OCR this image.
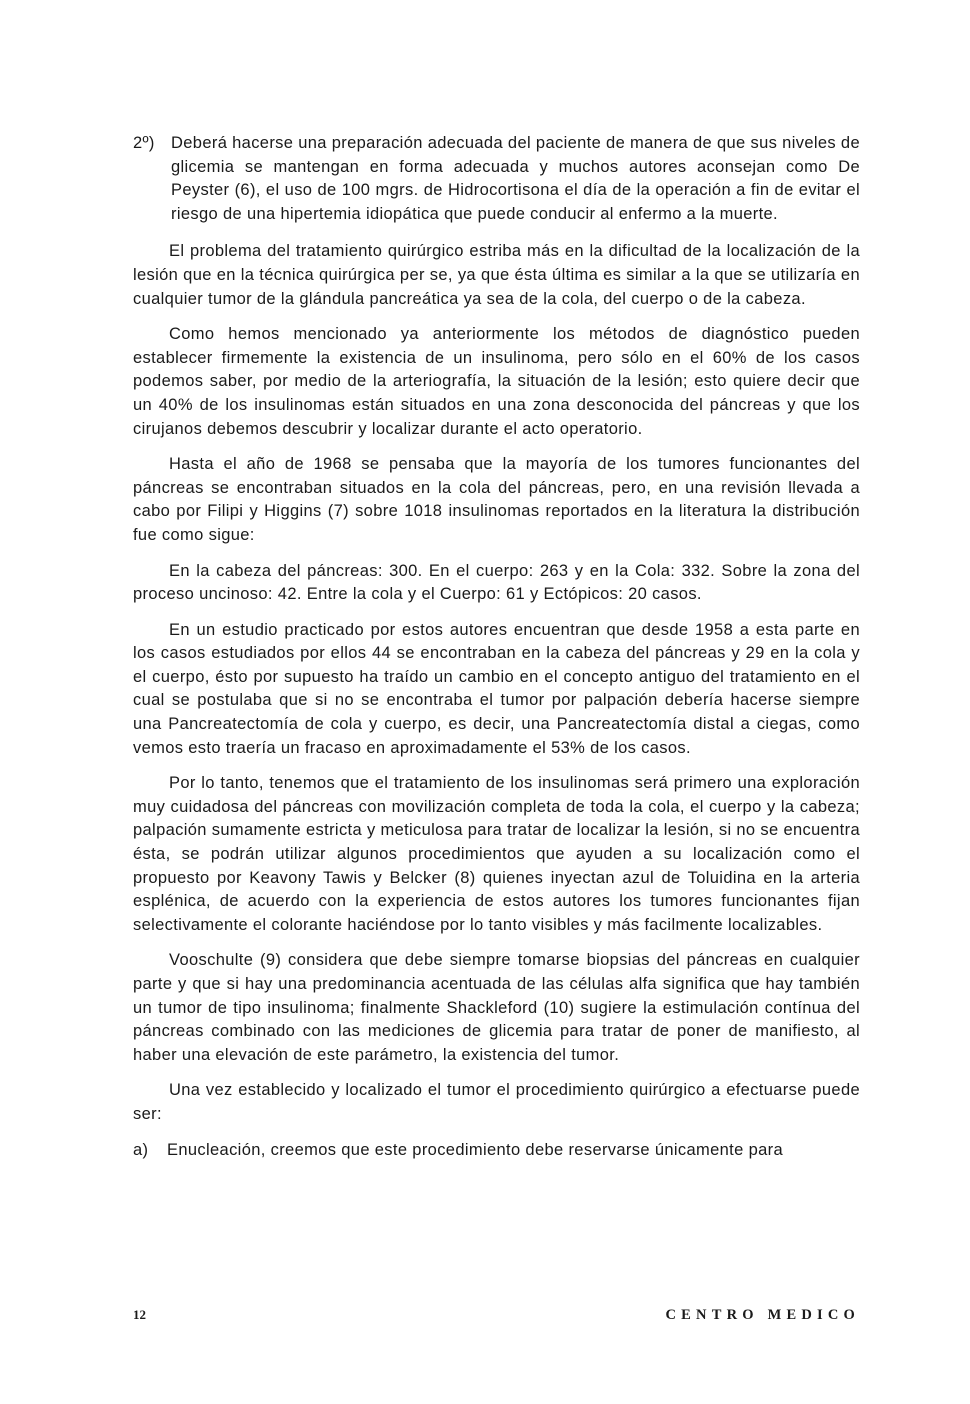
2º) Deberá hacerse una preparación adecuada del paciente de manera de que sus niveles de glicemia se mantengan en forma adecuada y muchos autores aconsejan como De Peyster (6), el uso de 100 mgrs. de Hidrocortisona el día de la operación a fin de evitar el riesgo de una hipertemia idiopática que puede conducir al enfermo a la muerte.

El problema del tratamiento quirúrgico estriba más en la dificultad de la localización de la lesión que en la técnica quirúrgica per se, ya que ésta última es similar a la que se utilizaría en cualquier tumor de la glándula pancreática ya sea de la cola, del cuerpo o de la cabeza.

Como hemos mencionado ya anteriormente los métodos de diagnóstico pueden establecer firmemente la existencia de un insulinoma, pero sólo en el 60% de los casos podemos saber, por medio de la arteriografía, la situación de la lesión; esto quiere decir que un 40% de los insulinomas están situados en una zona desconocida del páncreas y que los cirujanos debemos descubrir y localizar durante el acto operatorio.

Hasta el año de 1968 se pensaba que la mayoría de los tumores funcionantes del páncreas se encontraban situados en la cola del páncreas, pero, en una revisión llevada a cabo por Filipi y Higgins (7) sobre 1018 insulinomas reportados en la literatura la distribución fue como sigue:

En la cabeza del páncreas: 300. En el cuerpo: 263 y en la Cola: 332. Sobre la zona del proceso uncinoso: 42. Entre la cola y el Cuerpo: 61 y Ectópicos: 20 casos.

En un estudio practicado por estos autores encuentran que desde 1958 a esta parte en los casos estudiados por ellos 44 se encontraban en la cabeza del páncreas y 29 en la cola y el cuerpo, ésto por supuesto ha traído un cambio en el concepto antiguo del tratamiento en el cual se postulaba que si no se encontraba el tumor por palpación debería hacerse siempre una Pancreatectomía de cola y cuerpo, es decir, una Pancreatectomía distal a ciegas, como vemos esto traería un fracaso en aproximadamente el 53% de los casos.

Por lo tanto, tenemos que el tratamiento de los insulinomas será primero una exploración muy cuidadosa del páncreas con movilización completa de toda la cola, el cuerpo y la cabeza; palpación sumamente estricta y meticulosa para tratar de localizar la lesión, si no se encuentra ésta, se podrán utilizar algunos procedimientos que ayuden a su localización como el propuesto por Keavony Tawis y Belcker (8) quienes inyectan azul de Toluidina en la arteria esplénica, de acuerdo con la experiencia de estos autores los tumores funcionantes fijan selectivamente el colorante haciéndose por lo tanto visibles y más facilmente localizables.

Vooschulte (9) considera que debe siempre tomarse biopsias del páncreas en cualquier parte y que si hay una predominancia acentuada de las células alfa significa que hay también un tumor de tipo insulinoma; finalmente Shackleford (10) sugiere la estimulación contínua del páncreas combinado con las mediciones de glicemia para tratar de poner de manifiesto, al haber una elevación de este parámetro, la existencia del tumor.

Una vez establecido y localizado el tumor el procedimiento quirúrgico a efectuarse puede ser:

a)	Enucleación, creemos que este procedimiento debe reservarse únicamente para
12	CENTRO MEDICO
